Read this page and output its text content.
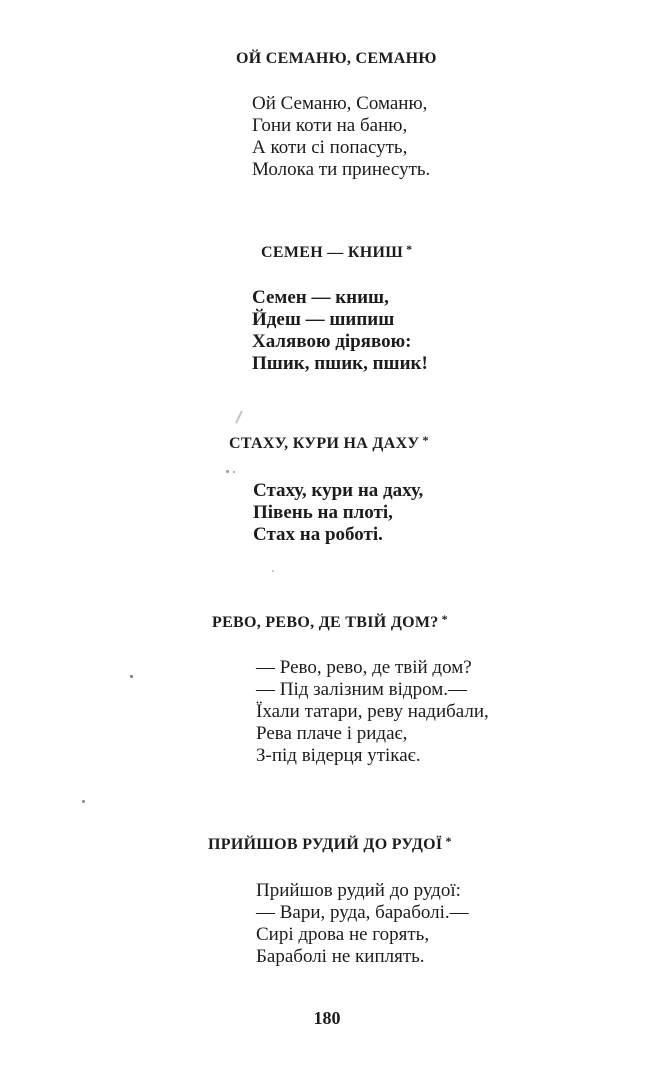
ОЙ СЕМАНЮ, СЕМАНЮ
Ой Семаню, Соманю,
Гони коти на баню,
А коти сі попасуть,
Молока ти принесуть.
СЕМЕН — КНИШ *
Семен — книш,
Йдеш — шипиш
Халявою дірявою:
Пшик, пшик, пшик!
СТАХУ, КУРИ НА ДАХУ *
Стаху, кури на даху,
Півень на плоті,
Стах на роботі.
РЕВО, РЕВО, ДЕ ТВІЙ ДОМ? *
— Рево, рево, де твій дом?
— Під залізним відром.—
Їхали татари, реву надибали,
Рева плаче і ридає,
З-під відерця утікає.
ПРИЙШОВ РУДИЙ ДО РУДОЇ *
Прийшов рудий до рудої:
— Вари, руда, бараболі.—
Сирі дрова не горять,
Бараболі не киплять.
180
